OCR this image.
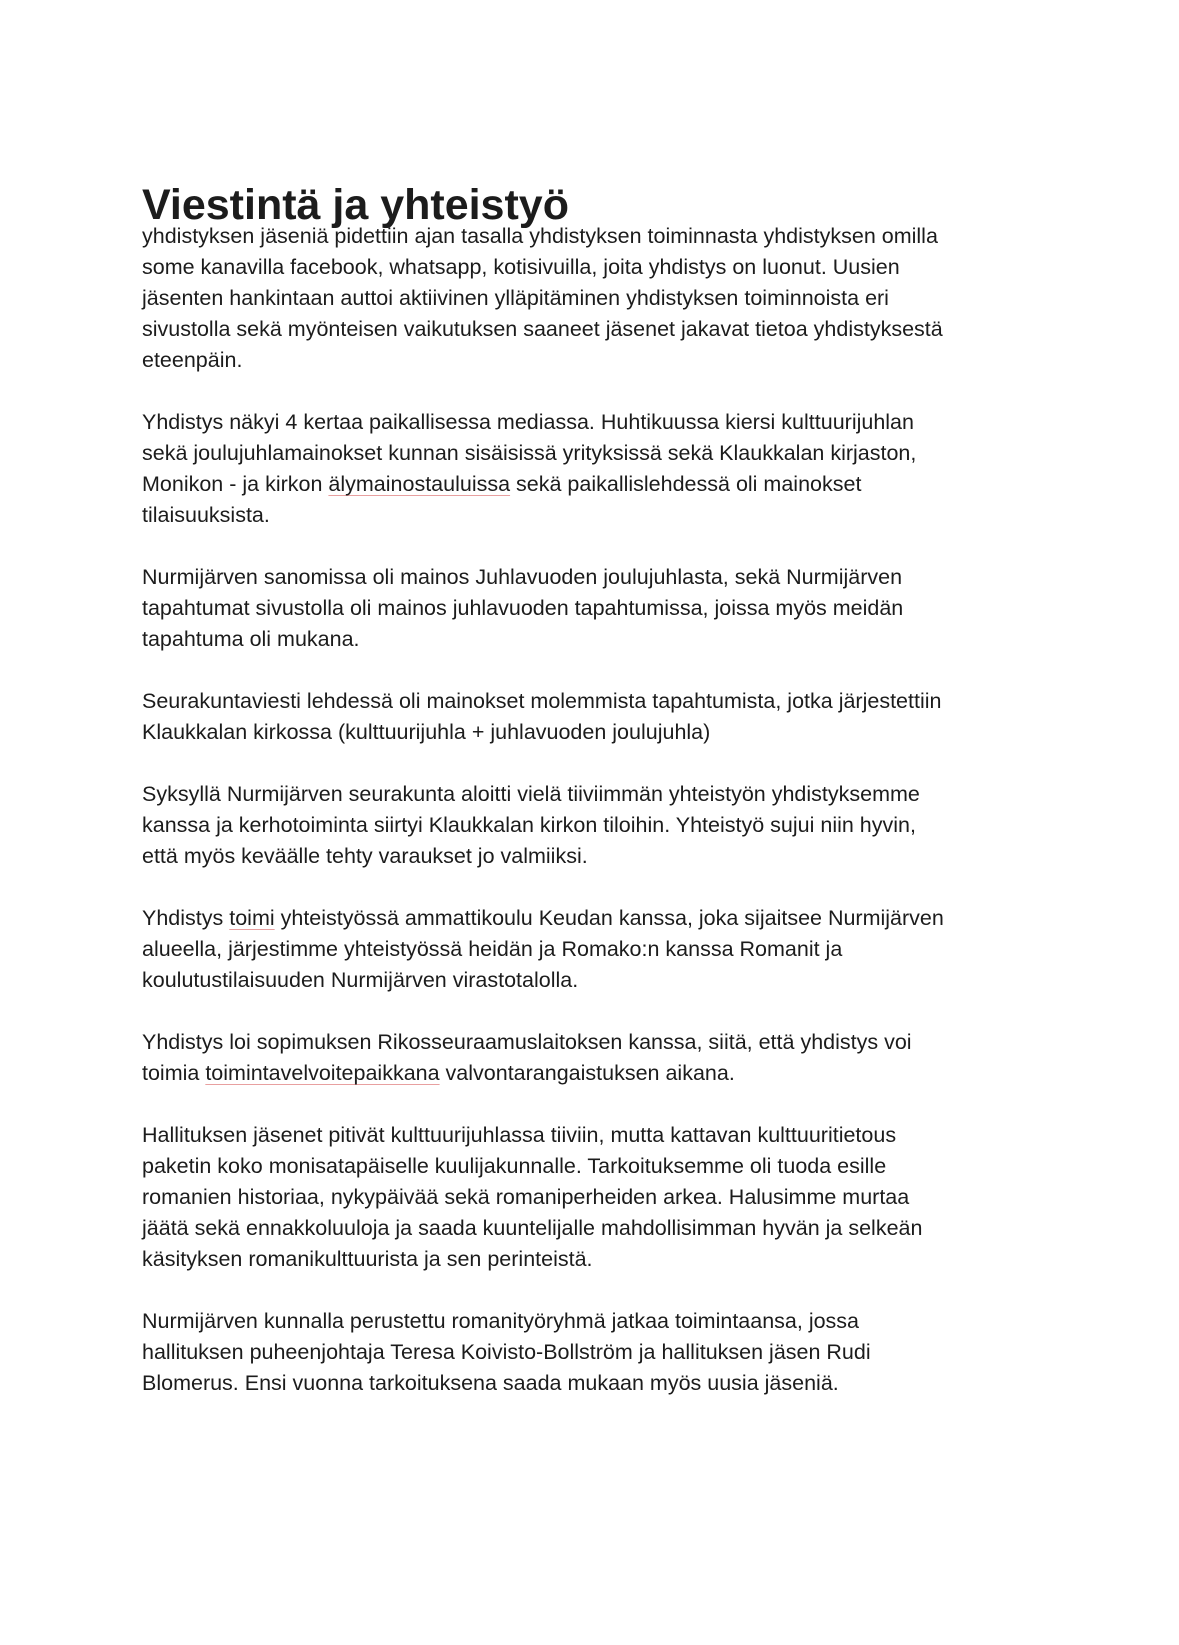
Viestintä ja yhteistyö

yhdistyksen jäseniä pidettiin ajan tasalla yhdistyksen toiminnasta yhdistyksen omilla
some kanavilla facebook, whatsapp, kotisivuilla, joita yhdistys on luonut. Uusien
jäsenten hankintaan auttoi aktiivinen ylläpitäminen yhdistyksen toiminnoista eri
sivustolla sekä myönteisen vaikutuksen saaneet jäsenet jakavat tietoa yhdistyksestä
eteenpäin.

Yhdistys näkyi 4 kertaa paikallisessa mediassa. Huhtikuussa kiersi kulttuurijuhlan
sekä joulujuhlamainokset kunnan sisäisissä yrityksissä sekä Klaukkalan kirjaston,
Monikon - ja kirkon älymainostauluissa sekä paikallislehdessä oli mainokset
tilaisuuksista.

Nurmijärven sanomissa oli mainos Juhlavuoden joulujuhlasta, sekä Nurmijärven
tapahtumat sivustolla oli mainos juhlavuoden tapahtumissa, joissa myös meidän
tapahtuma oli mukana.

Seurakuntaviesti lehdessä oli mainokset molemmista tapahtumista, jotka järjestettiin
Klaukkalan kirkossa (kulttuurijuhla + juhlavuoden joulujuhla)

Syksyllä Nurmijärven seurakunta aloitti vielä tiiviimmän yhteistyön yhdistyksemme
kanssa ja kerhotoiminta siirtyi Klaukkalan kirkon tiloihin. Yhteistyö sujui niin hyvin,
että myös keväälle tehty varaukset jo valmiiksi.

Yhdistys toimi yhteistyössä ammattikoulu Keudan kanssa, joka sijaitsee Nurmijärven
alueella, järjestimme yhteistyössä heidän ja Romako:n kanssa Romanit ja
koulutustilaisuuden Nurmijärven virastotalolla.

Yhdistys loi sopimuksen Rikosseuraamuslaitoksen kanssa, siitä, että yhdistys voi
toimia toimintavelvoitepaikkana valvontarangaistuksen aikana.

Hallituksen jäsenet pitivät kulttuurijuhlassa tiiviin, mutta kattavan kulttuuritietous
paketin koko monisatapäiselle kuulijakunnalle. Tarkoituksemme oli tuoda esille
romanien historiaa, nykypäivää sekä romaniperheiden arkea. Halusimme murtaa
jäätä sekä ennakkoluuloja ja saada kuuntelijalle mahdollisimman hyvän ja selkeän
käsityksen romanikulttuurista ja sen perinteistä.

Nurmijärven kunnalla perustettu romanityöryhmä jatkaa toimintaansa, jossa
hallituksen puheenjohtaja Teresa Koivisto-Bollström ja hallituksen jäsen Rudi
Blomerus. Ensi vuonna tarkoituksena saada mukaan myös uusia jäseniä.
